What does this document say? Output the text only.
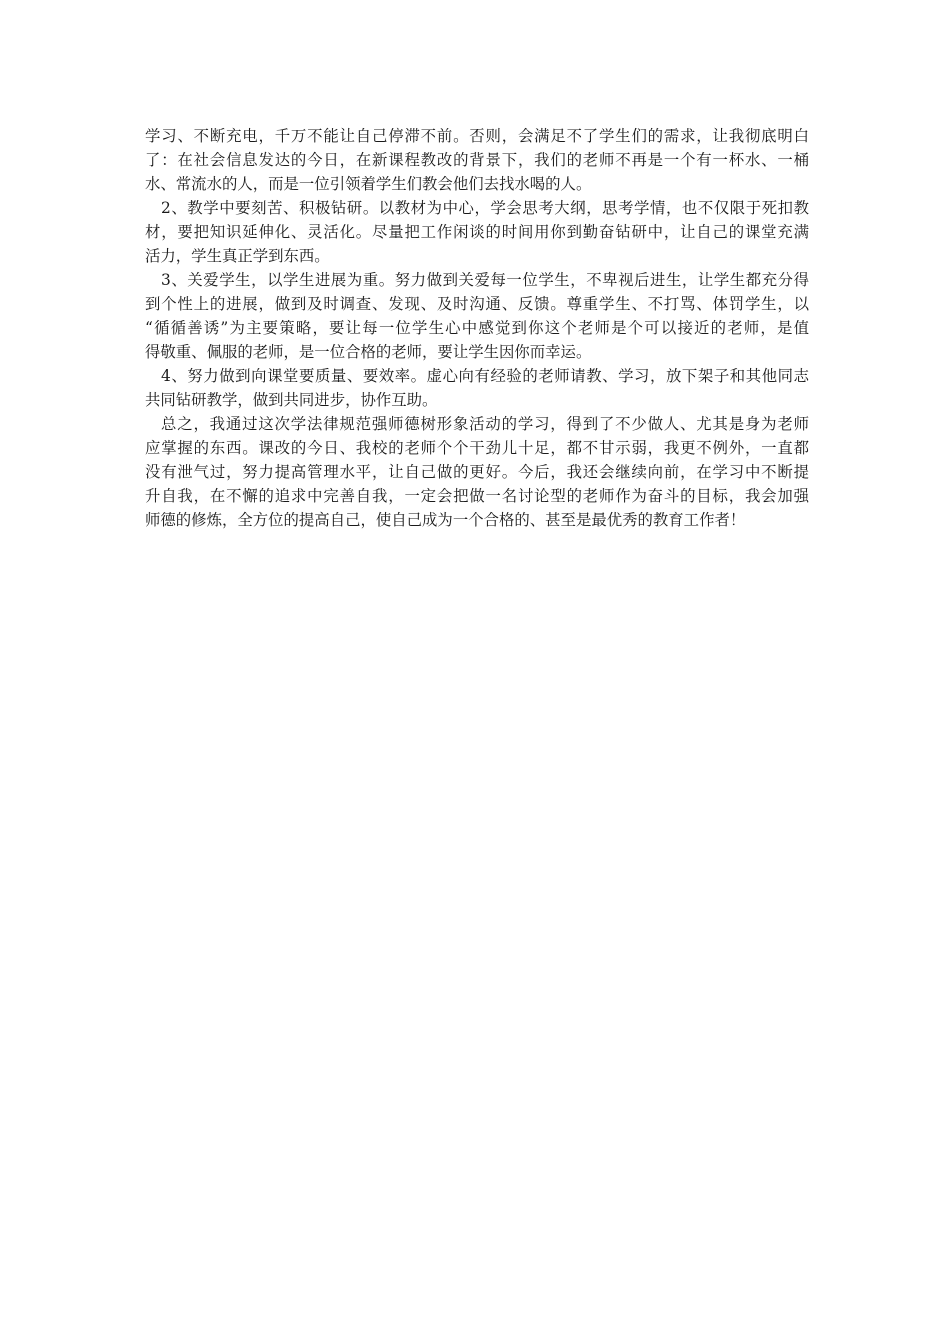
学习、不断充电，千万不能让自己停滞不前。否则，会满足不了学生们的需求，让我彻底明白
了：在社会信息发达的今日，在新课程教改的背景下，我们的老师不再是一个有一杯水、一桶
水、常流水的人，而是一位引领着学生们教会他们去找水喝的人。
2、教学中要刻苦、积极钻研。以教材为中心，学会思考大纲，思考学情，也不仅限于死扣教
材，要把知识延伸化、灵活化。尽量把工作闲谈的时间用你到勤奋钻研中，让自己的课堂充满
活力，学生真正学到东西。
3、关爱学生，以学生进展为重。努力做到关爱每一位学生，不卑视后进生，让学生都充分得
到个性上的进展，做到及时调查、发现、及时沟通、反馈。尊重学生、不打骂、体罚学生，以
“循循善诱”为主要策略，要让每一位学生心中感觉到你这个老师是个可以接近的老师，是值
得敬重、佩服的老师，是一位合格的老师，要让学生因你而幸运。
4、努力做到向课堂要质量、要效率。虚心向有经验的老师请教、学习，放下架子和其他同志
共同钻研教学，做到共同进步，协作互助。
总之，我通过这次学法律规范强师德树形象活动的学习，得到了不少做人、尤其是身为老师
应掌握的东西。课改的今日、我校的老师个个干劲儿十足，都不甘示弱，我更不例外，一直都
没有泄气过，努力提高管理水平，让自己做的更好。今后，我还会继续向前，在学习中不断提
升自我，在不懈的追求中完善自我，一定会把做一名讨论型的老师作为奋斗的目标，我会加强
师德的修炼，全方位的提高自己，使自己成为一个合格的、甚至是最优秀的教育工作者！
